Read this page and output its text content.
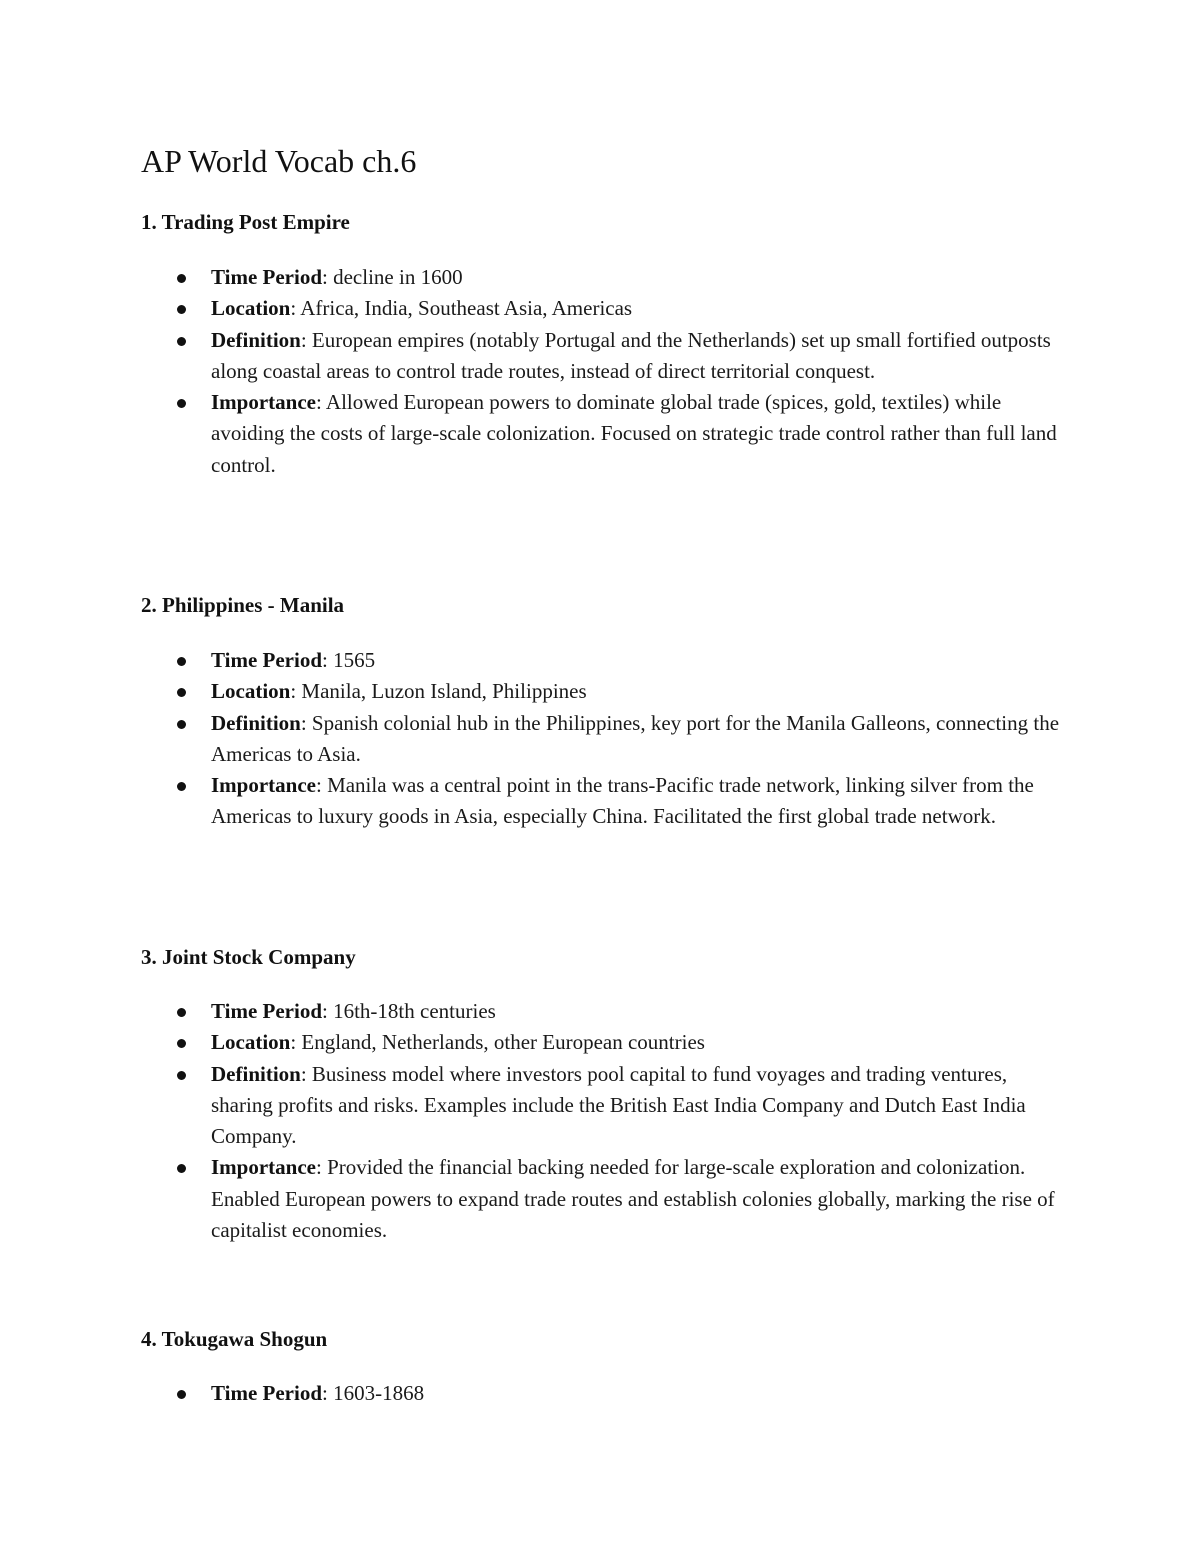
AP World Vocab ch.6
1. Trading Post Empire
Time Period: decline in 1600
Location: Africa, India, Southeast Asia, Americas
Definition: European empires (notably Portugal and the Netherlands) set up small fortified outposts along coastal areas to control trade routes, instead of direct territorial conquest.
Importance: Allowed European powers to dominate global trade (spices, gold, textiles) while avoiding the costs of large-scale colonization. Focused on strategic trade control rather than full land control.
2. Philippines - Manila
Time Period: 1565
Location: Manila, Luzon Island, Philippines
Definition: Spanish colonial hub in the Philippines, key port for the Manila Galleons, connecting the Americas to Asia.
Importance: Manila was a central point in the trans-Pacific trade network, linking silver from the Americas to luxury goods in Asia, especially China. Facilitated the first global trade network.
3. Joint Stock Company
Time Period: 16th-18th centuries
Location: England, Netherlands, other European countries
Definition: Business model where investors pool capital to fund voyages and trading ventures, sharing profits and risks. Examples include the British East India Company and Dutch East India Company.
Importance: Provided the financial backing needed for large-scale exploration and colonization. Enabled European powers to expand trade routes and establish colonies globally, marking the rise of capitalist economies.
4. Tokugawa Shogun
Time Period: 1603-1868
